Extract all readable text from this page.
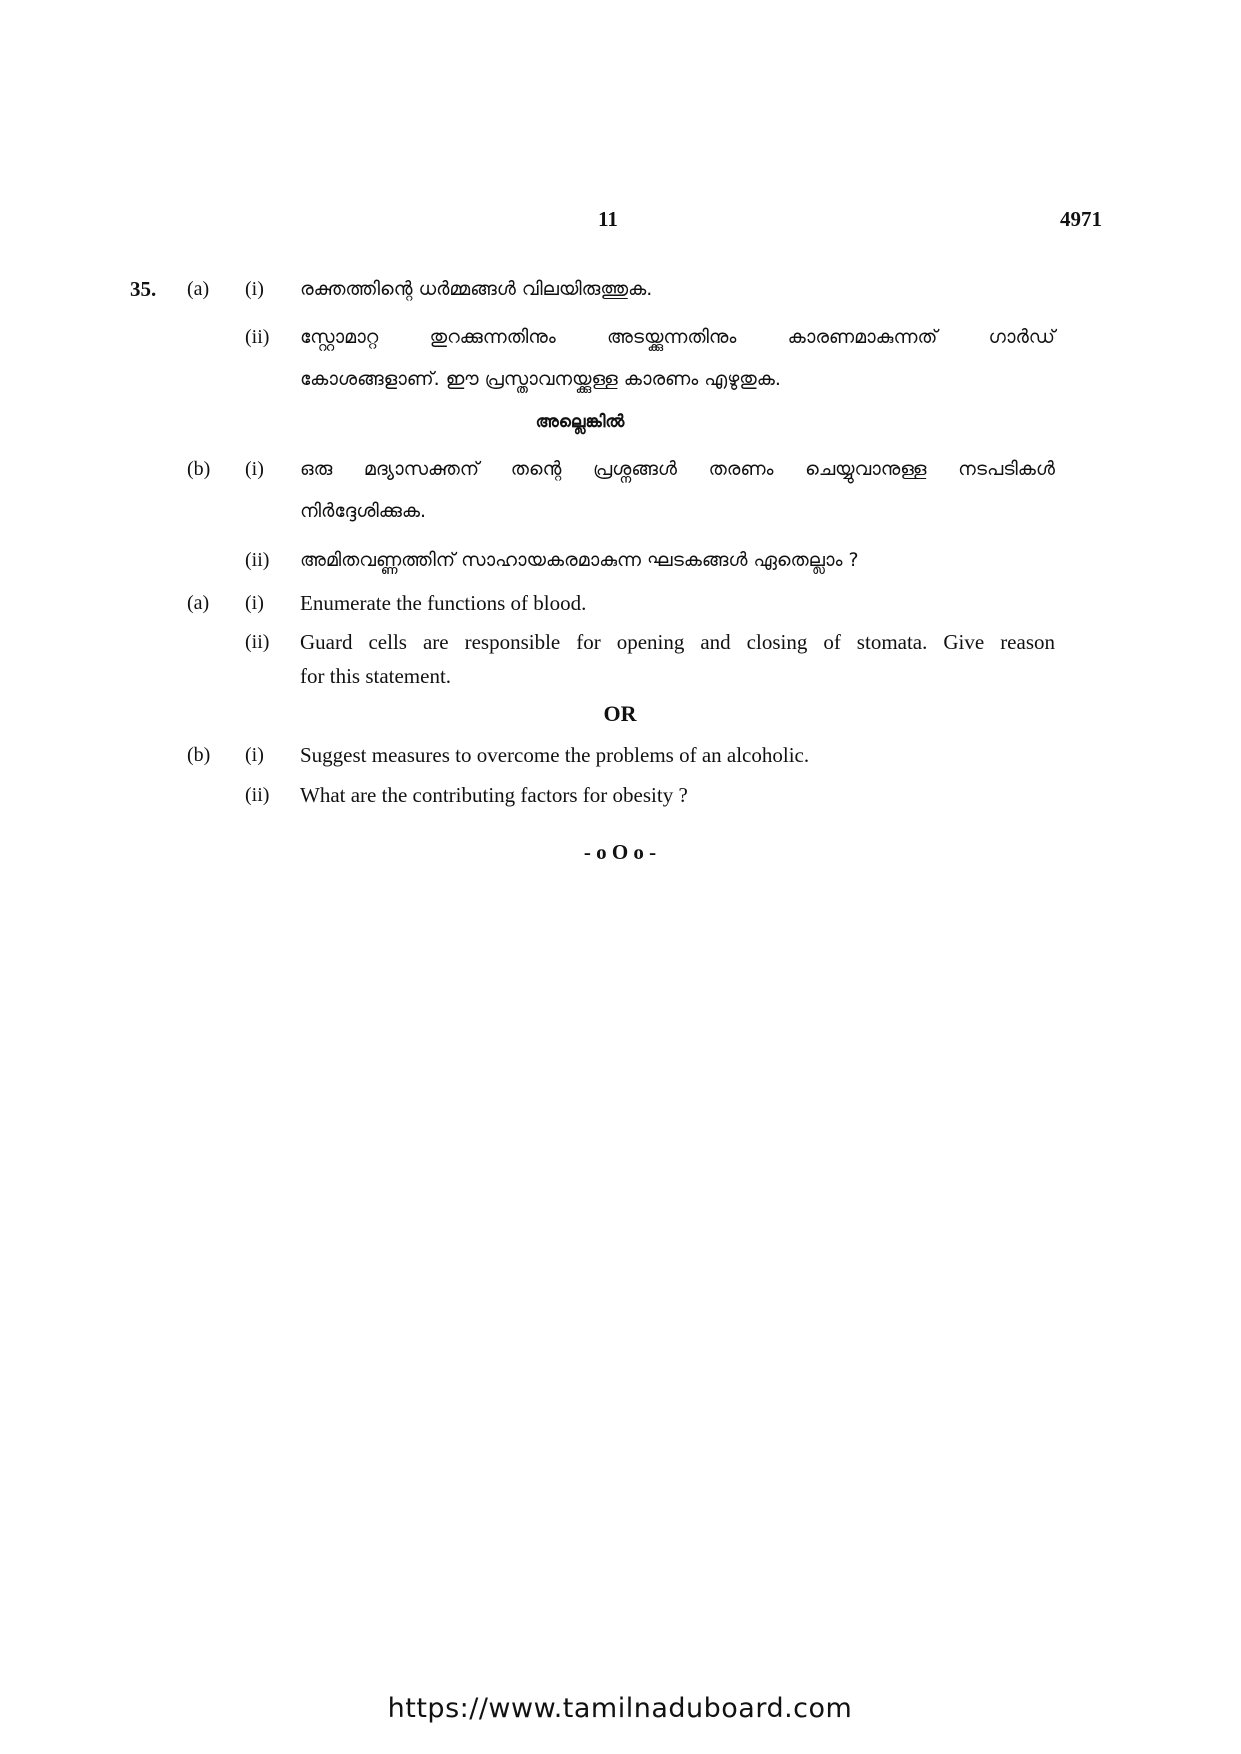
11	4971
35. (a) (i) രക്തത്തിന്റെ ധർമ്മങ്ങൾ വിലയിരുത്തുക.
(ii) സ്റ്റോമാറ്റ തുറക്കുന്നതിനും അടയ്ക്കുന്നതിനും കാരണമാകുന്നത് ഗാർഡ്
കോശങ്ങളാണ്. ഈ പ്രസ്താവനയ്ക്കുള്ള കാരണം എഴുതുക.
അല്ലെങ്കിൽ
(b) (i) ഒരു മദ്യാസക്തന് തന്റെ പ്രശ്നങ്ങൾ തരണം ചെയ്യുവാനുള്ള നടപടികൾ
നിർദ്ദേശിക്കുക.
(ii) അമിതവണ്ണത്തിന് സാഹായകരമാകുന്ന ഘടകങ്ങൾ ഏതെല്ലാം ?
(a) (i) Enumerate the functions of blood.
(ii) Guard cells are responsible for opening and closing of stomata. Give reason
for this statement.
OR
(b) (i) Suggest measures to overcome the problems of an alcoholic.
(ii) What are the contributing factors for obesity ?
- o O o -
https://www.tamilnaduboard.com
